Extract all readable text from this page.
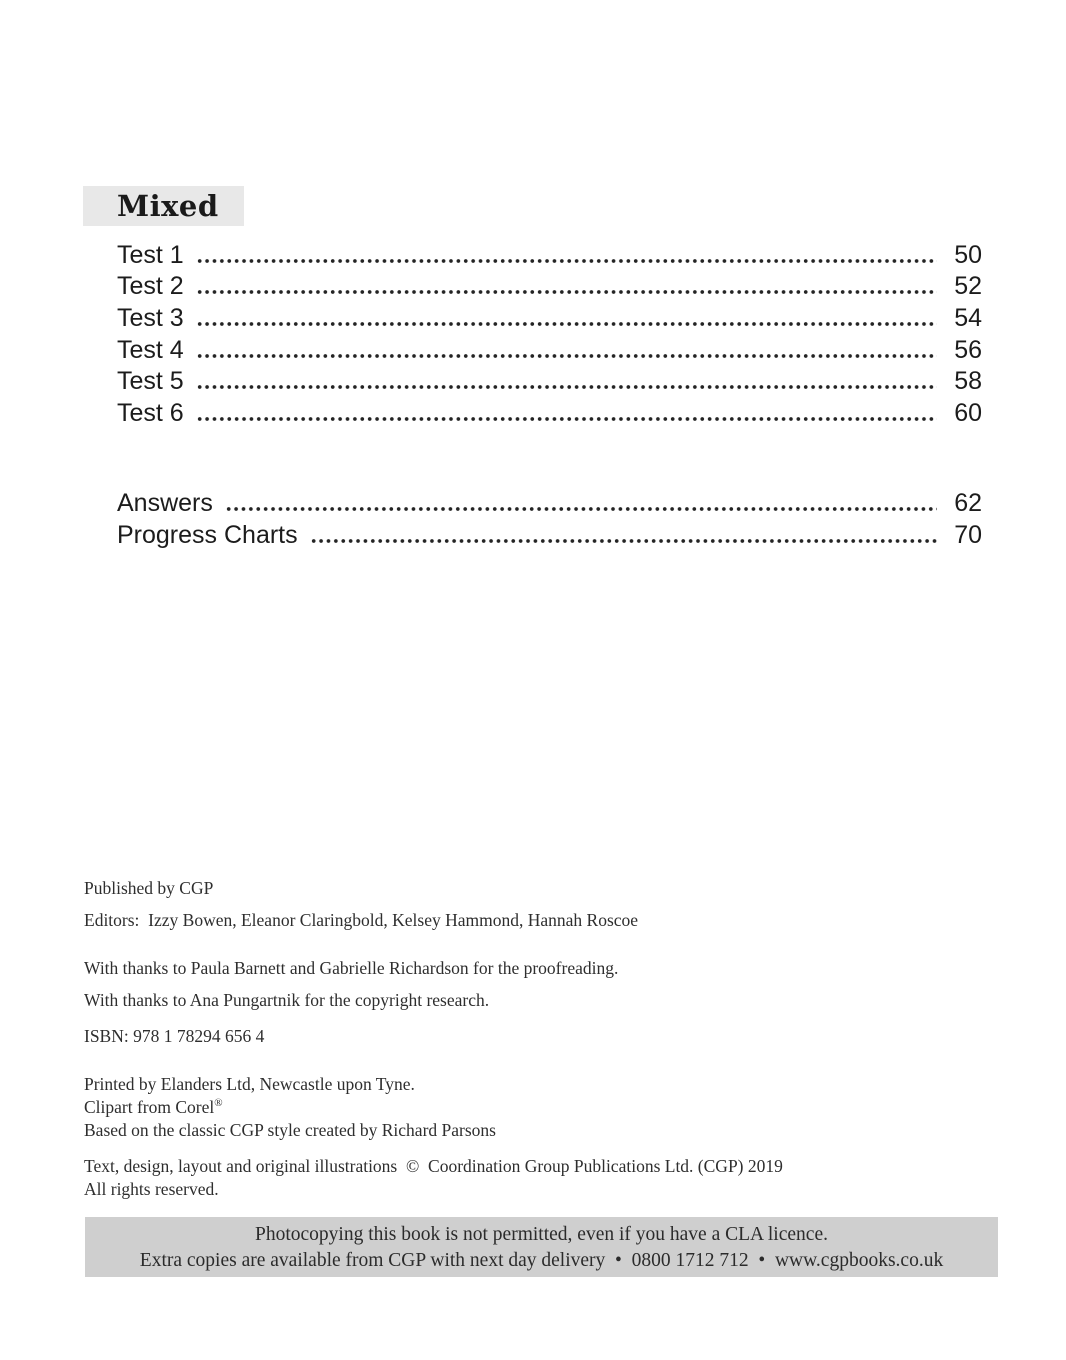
Mixed
Test 1	50
Test 2	52
Test 3	54
Test 4	56
Test 5	58
Test 6	60
Answers	62
Progress Charts	70

Published by CGP

Editors:  Izzy Bowen, Eleanor Claringbold, Kelsey Hammond, Hannah Roscoe

With thanks to Paula Barnett and Gabrielle Richardson for the proofreading.

With thanks to Ana Pungartnik for the copyright research.

ISBN: 978 1 78294 656 4

Printed by Elanders Ltd, Newcastle upon Tyne.

Clipart from Corel®

Based on the classic CGP style created by Richard Parsons

Text, design, layout and original illustrations  ©  Coordination Group Publications Ltd. (CGP) 2019

All rights reserved.

Photocopying this book is not permitted, even if you have a CLA licence.

Extra copies are available from CGP with next day delivery  •  0800 1712 712  •  www.cgpbooks.co.uk
